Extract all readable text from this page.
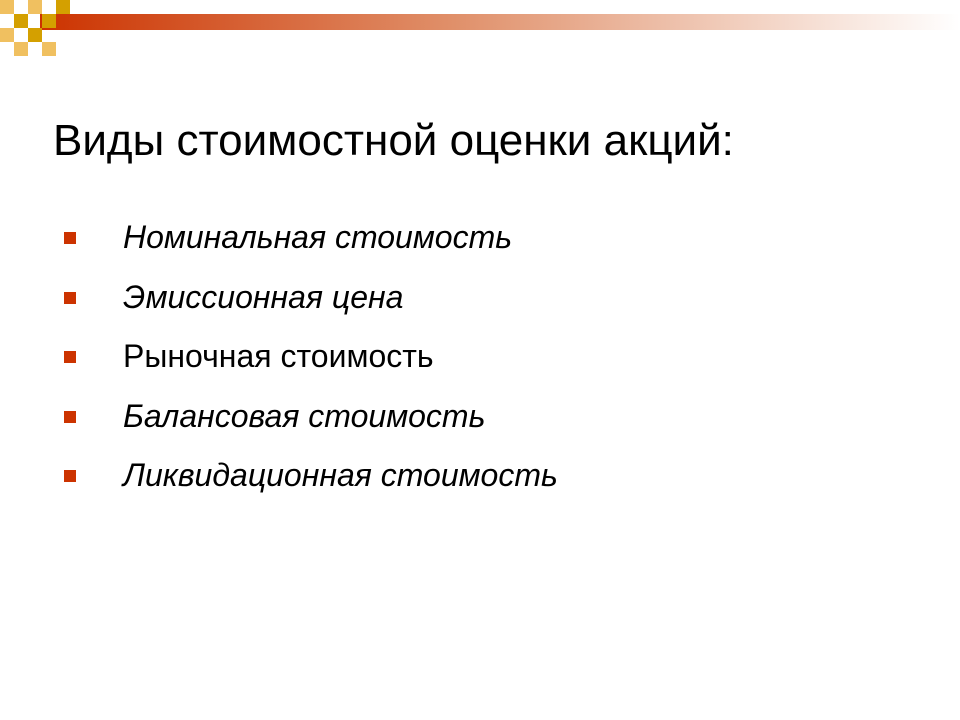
Виды стоимостной оценки акций:
Номинальная стоимость
Эмиссионная цена
Рыночная стоимость
Балансовая стоимость
Ликвидационная стоимость
